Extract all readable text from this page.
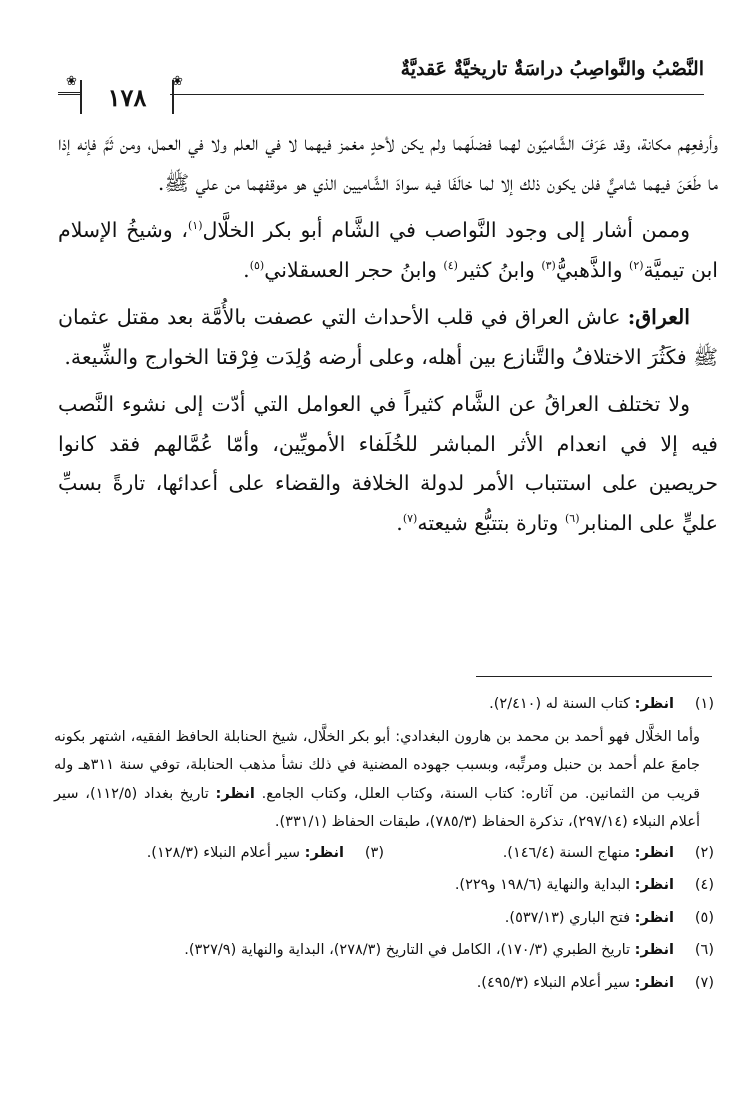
النَّصْبُ والنَّواصِبُ دراسَةٌ تاريخيَّةٌ عَقديَّةٌ
❀
١٧٨
❀

وأرفعِهم مكانة، وقد عَرَفَ الشَّاميّون لهما فضلَهما ولم يكن لأحدٍ مغمز فيهما لا في العلم ولا في العمل، ومن ثَمَّ فإنه إذا ما طَعَنَ فيهما شاميٌّ فلن يكون ذلك إلا لما خالَفَا فيه سوادَ الشَّاميين الذي هو موقفهما من علي ﷺ.

وممن أشار إلى وجود النَّواصب في الشَّام أبو بكر الخلَّال$^{(١)}$، وشيخُ الإسلام ابن تيميَّة$^{(٢)}$ والذَّهبيُّ$^{(٣)}$ وابنُ كثير$^{(٤)}$ وابنُ حجر العسقلاني$^{(٥)}$.

العراق: عاش العراق في قلب الأحداث التي عصفت بالأُمَّة بعد مقتل عثمان ﷺ فكَثُرَ الاختلافُ والتَّنازع بين أهله، وعلى أرضه وُلِدَت فِرْقتا الخوارج والشِّيعة.

ولا تختلف العراقُ عن الشَّام كثيراً في العوامل التي أدّت إلى نشوء النَّصب فيه إلا في انعدام الأثر المباشر للخُلَفاء الأمويِّين، وأمّا عُمَّالهم فقد كانوا حريصين على استتباب الأمر لدولة الخلافة والقضاء على أعدائها، تارةً بسبِّ عليٍّ على المنابر$^{(٦)}$ وتارة بتتبُّع شيعته$^{(٧)}$.

(١)
انظر: كتاب السنة له (٢/٤١٠).
وأما الخلَّال فهو أحمد بن محمد بن هارون البغدادي: أبو بكر الخلَّال، شيخ الحنابلة الحافظ الفقيه، اشتهر بكونه جامعَ علم أحمد بن حنبل ومرتِّبه، وبسبب جهوده المضنية في ذلك نشأ مذهب الحنابلة، توفي سنة ٣١١هـ وله قريب من الثمانين. من آثاره: كتاب السنة، وكتاب العلل، وكتاب الجامع. انظر: تاريخ بغداد (١١٢/٥)، سير أعلام النبلاء (٢٩٧/١٤)، تذكرة الحفاظ (٧٨٥/٣)، طبقات الحفاظ (٣٣١/١).
(٢)
انظر: منهاج السنة (١٤٦/٤).
(٣)
انظر: سير أعلام النبلاء (١٢٨/٣).
(٤)
انظر: البداية والنهاية (١٩٨/٦ و٢٢٩).
(٥)
انظر: فتح الباري (٥٣٧/١٣).
(٦)
انظر: تاريخ الطبري (١٧٠/٣)، الكامل في التاريخ (٢٧٨/٣)، البداية والنهاية (٣٢٧/٩).
(٧)
انظر: سير أعلام النبلاء (٤٩٥/٣).
